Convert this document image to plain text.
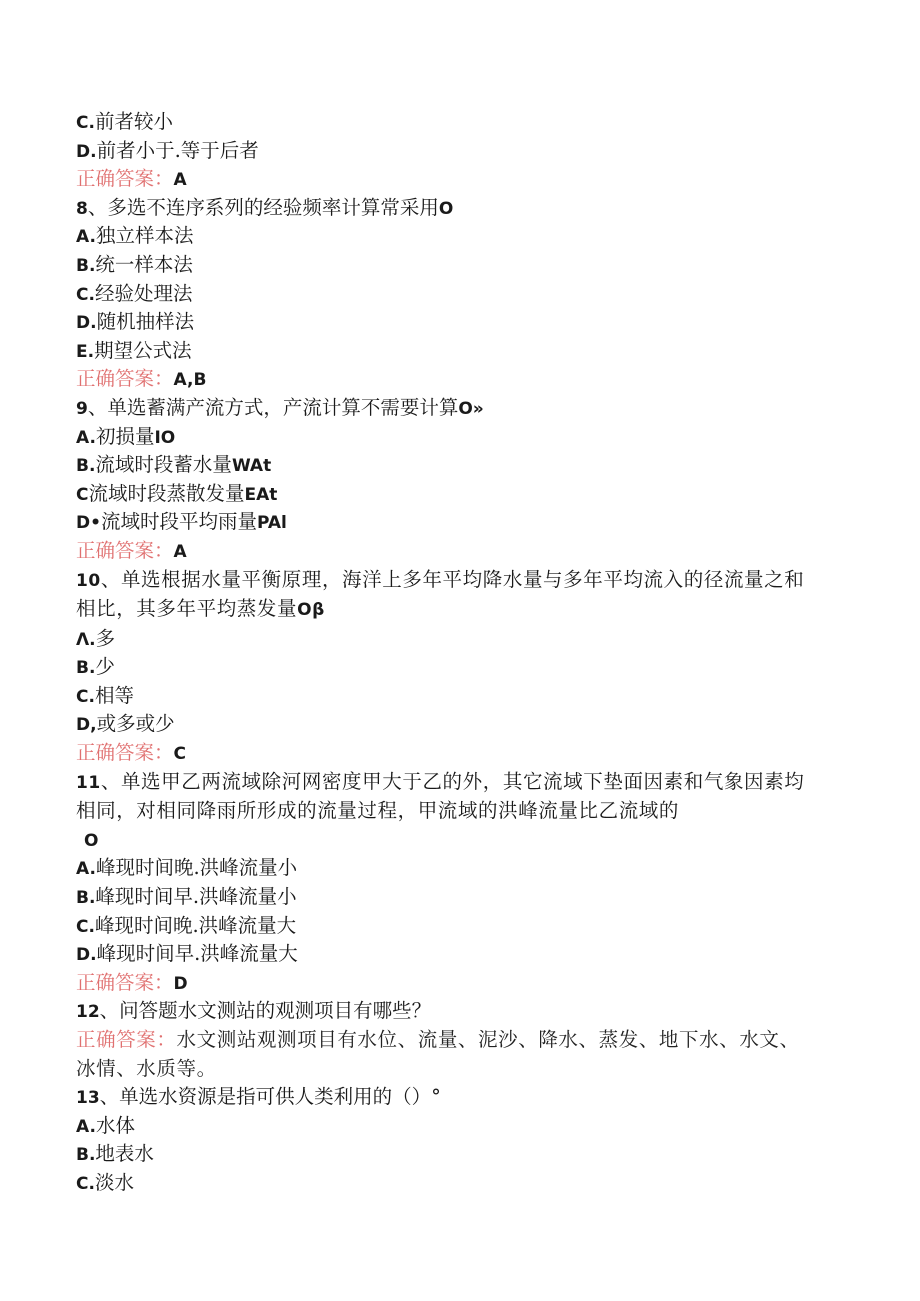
C.前者较小
D.前者小于.等于后者
正确答案：A
8、多选不连序系列的经验频率计算常采用O
A.独立样本法
B.统一样本法
C.经验处理法
D.随机抽样法
E.期望公式法
正确答案：A,B
9、单选蓄满产流方式，产流计算不需要计算O»
A.初损量IO
B.流域时段蓄水量WAt
C流域时段蒸散发量EAt
D•流域时段平均雨量PAl
正确答案：A
10、单选根据水量平衡原理，海洋上多年平均降水量与多年平均流入的径流量之和相比，其多年平均蒸发量Oβ
Λ.多
B.少
C.相等
D,或多或少
正确答案：C
11、单选甲乙两流域除河网密度甲大于乙的外，其它流域下垫面因素和气象因素均相同，对相同降雨所形成的流量过程，甲流域的洪峰流量比乙流域的
O
A.峰现时间晚.洪峰流量小
B.峰现时间早.洪峰流量小
C.峰现时间晚.洪峰流量大
D.峰现时间早.洪峰流量大
正确答案：D
12、问答题水文测站的观测项目有哪些？
正确答案：水文测站观测项目有水位、流量、泥沙、降水、蒸发、地下水、水文、冰情、水质等。
13、单选水资源是指可供人类利用的（）°
A.水体
B.地表水
C.淡水
